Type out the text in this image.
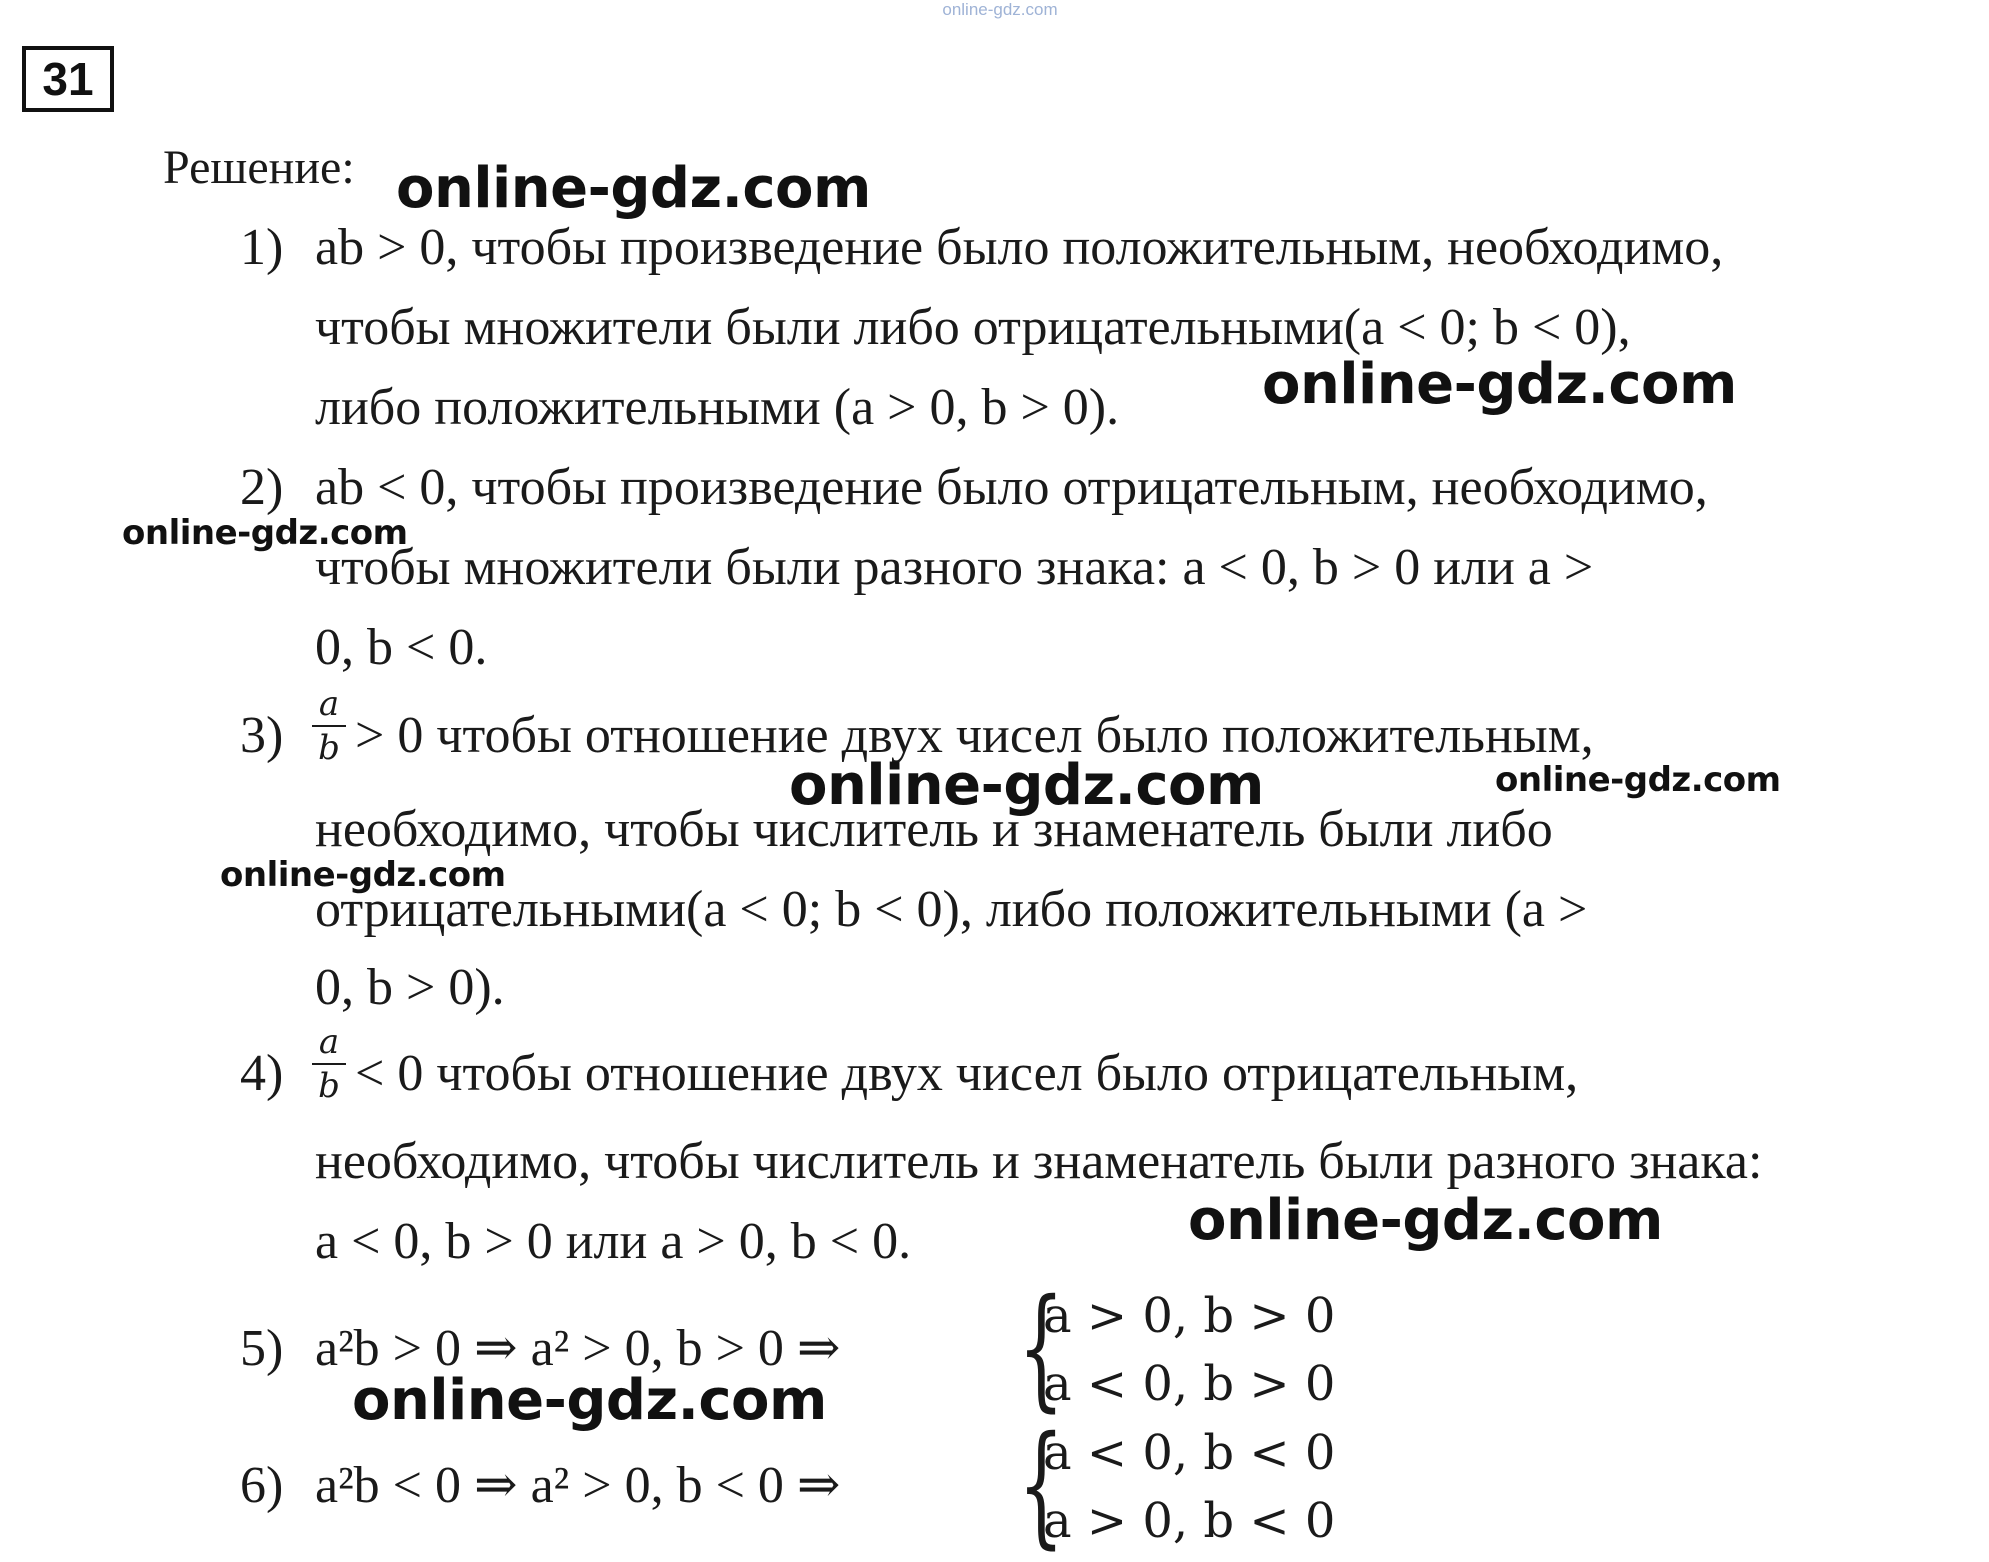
online-gdz.com
31
Решение:
1) ab > 0, чтобы произведение было положительным, необходимо,
чтобы множители были либо отрицательными(a < 0; b < 0),
либо положительными (a > 0, b > 0).
2) ab < 0, чтобы произведение было отрицательным, необходимо,
чтобы множители были разного знака: a < 0, b > 0 или a >
0, b < 0.
3)
a
b > 0 чтобы отношение двух чисел было положительным,
необходимо, чтобы числитель и знаменатель были либо
отрицательными(a < 0; b < 0), либо положительными (a >
0, b > 0).
4)
a
b < 0 чтобы отношение двух чисел было отрицательным,
необходимо, чтобы числитель и знаменатель были разного знака:
a < 0, b > 0 или a > 0, b < 0.
5) a²b > 0 ⇒ a² > 0, b > 0 ⇒ {
a > 0, b > 0
a < 0, b > 0
6) a²b < 0 ⇒ a² > 0, b < 0 ⇒ {
a < 0, b < 0
a > 0, b < 0
online-gdz.com
online-gdz.com
online-gdz.com
online-gdz.com	online-gdz.com
online-gdz.com
online-gdz.com
online-gdz.com
